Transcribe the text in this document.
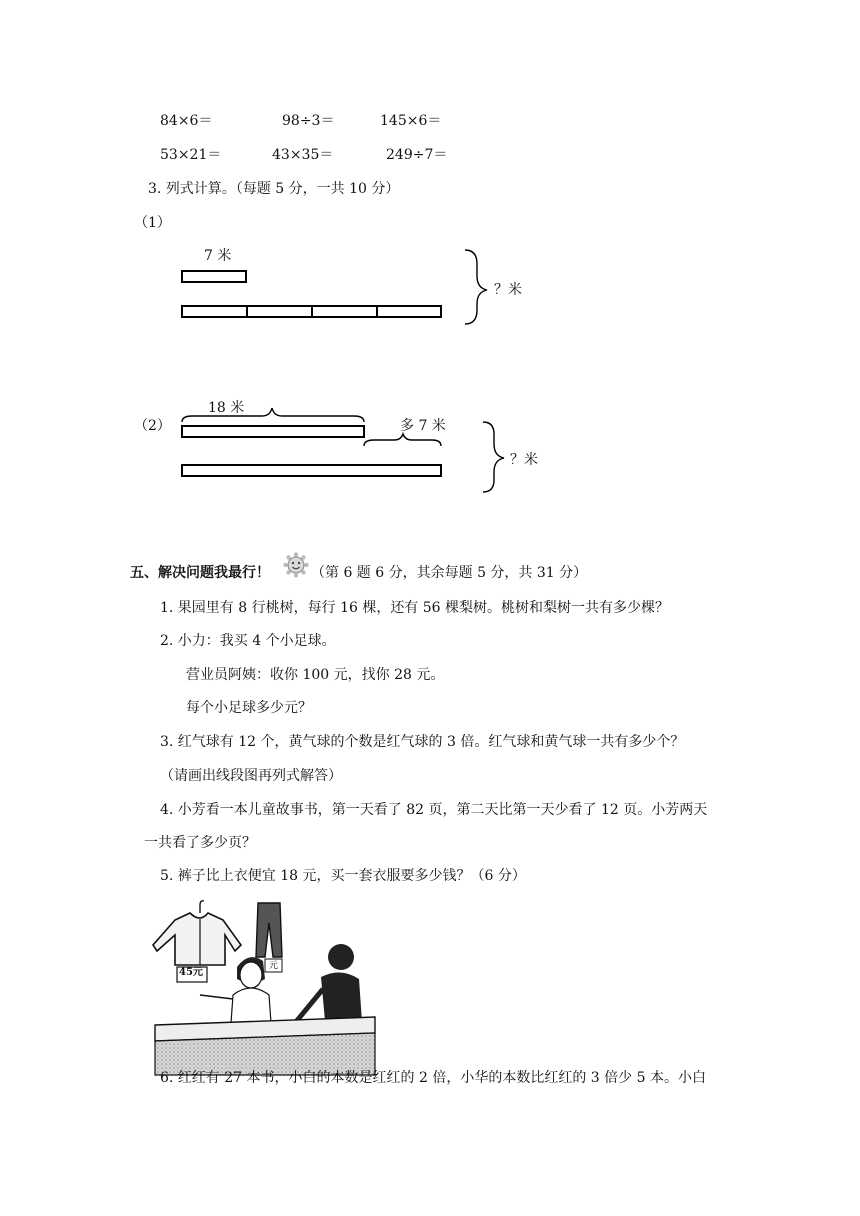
84×6＝	98÷3＝	145×6＝
53×21＝	43×35＝	249÷7＝
3. 列式计算。（每题 5 分，一共 10 分）
（1）
7 米
？米
（2）
18 米
多 7 米
？米
五、解决问题我最行！	（第 6 题 6 分，其余每题 5 分，共 31 分）
1. 果园里有 8 行桃树，每行 16 棵，还有 56 棵梨树。桃树和梨树一共有多少棵？
2. 小力：我买 4 个小足球。
营业员阿姨：收你 100 元，找你 28 元。
每个小足球多少元？
3. 红气球有 12 个，黄气球的个数是红气球的 3 倍。红气球和黄气球一共有多少个？
（请画出线段图再列式解答）
4. 小芳看一本儿童故事书，第一天看了 82 页，第二天比第一天少看了 12 页。小芳两天
一共看了多少页？
5. 裤子比上衣便宜 18 元，买一套衣服要多少钱？（6 分）
45元
元
6. 红红有 27 本书，小白的本数是红红的 2 倍，小华的本数比红红的 3 倍少 5 本。小白
